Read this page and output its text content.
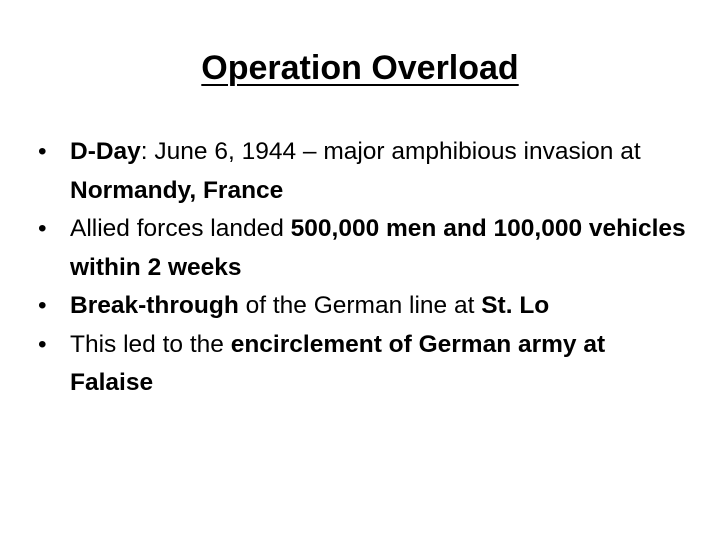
Operation Overload
• D-Day: June 6, 1944 – major amphibious invasion at Normandy, France
• Allied forces landed 500,000 men and 100,000 vehicles within 2 weeks
• Break-through of the German line at St. Lo
• This led to the encirclement of German army at Falaise
